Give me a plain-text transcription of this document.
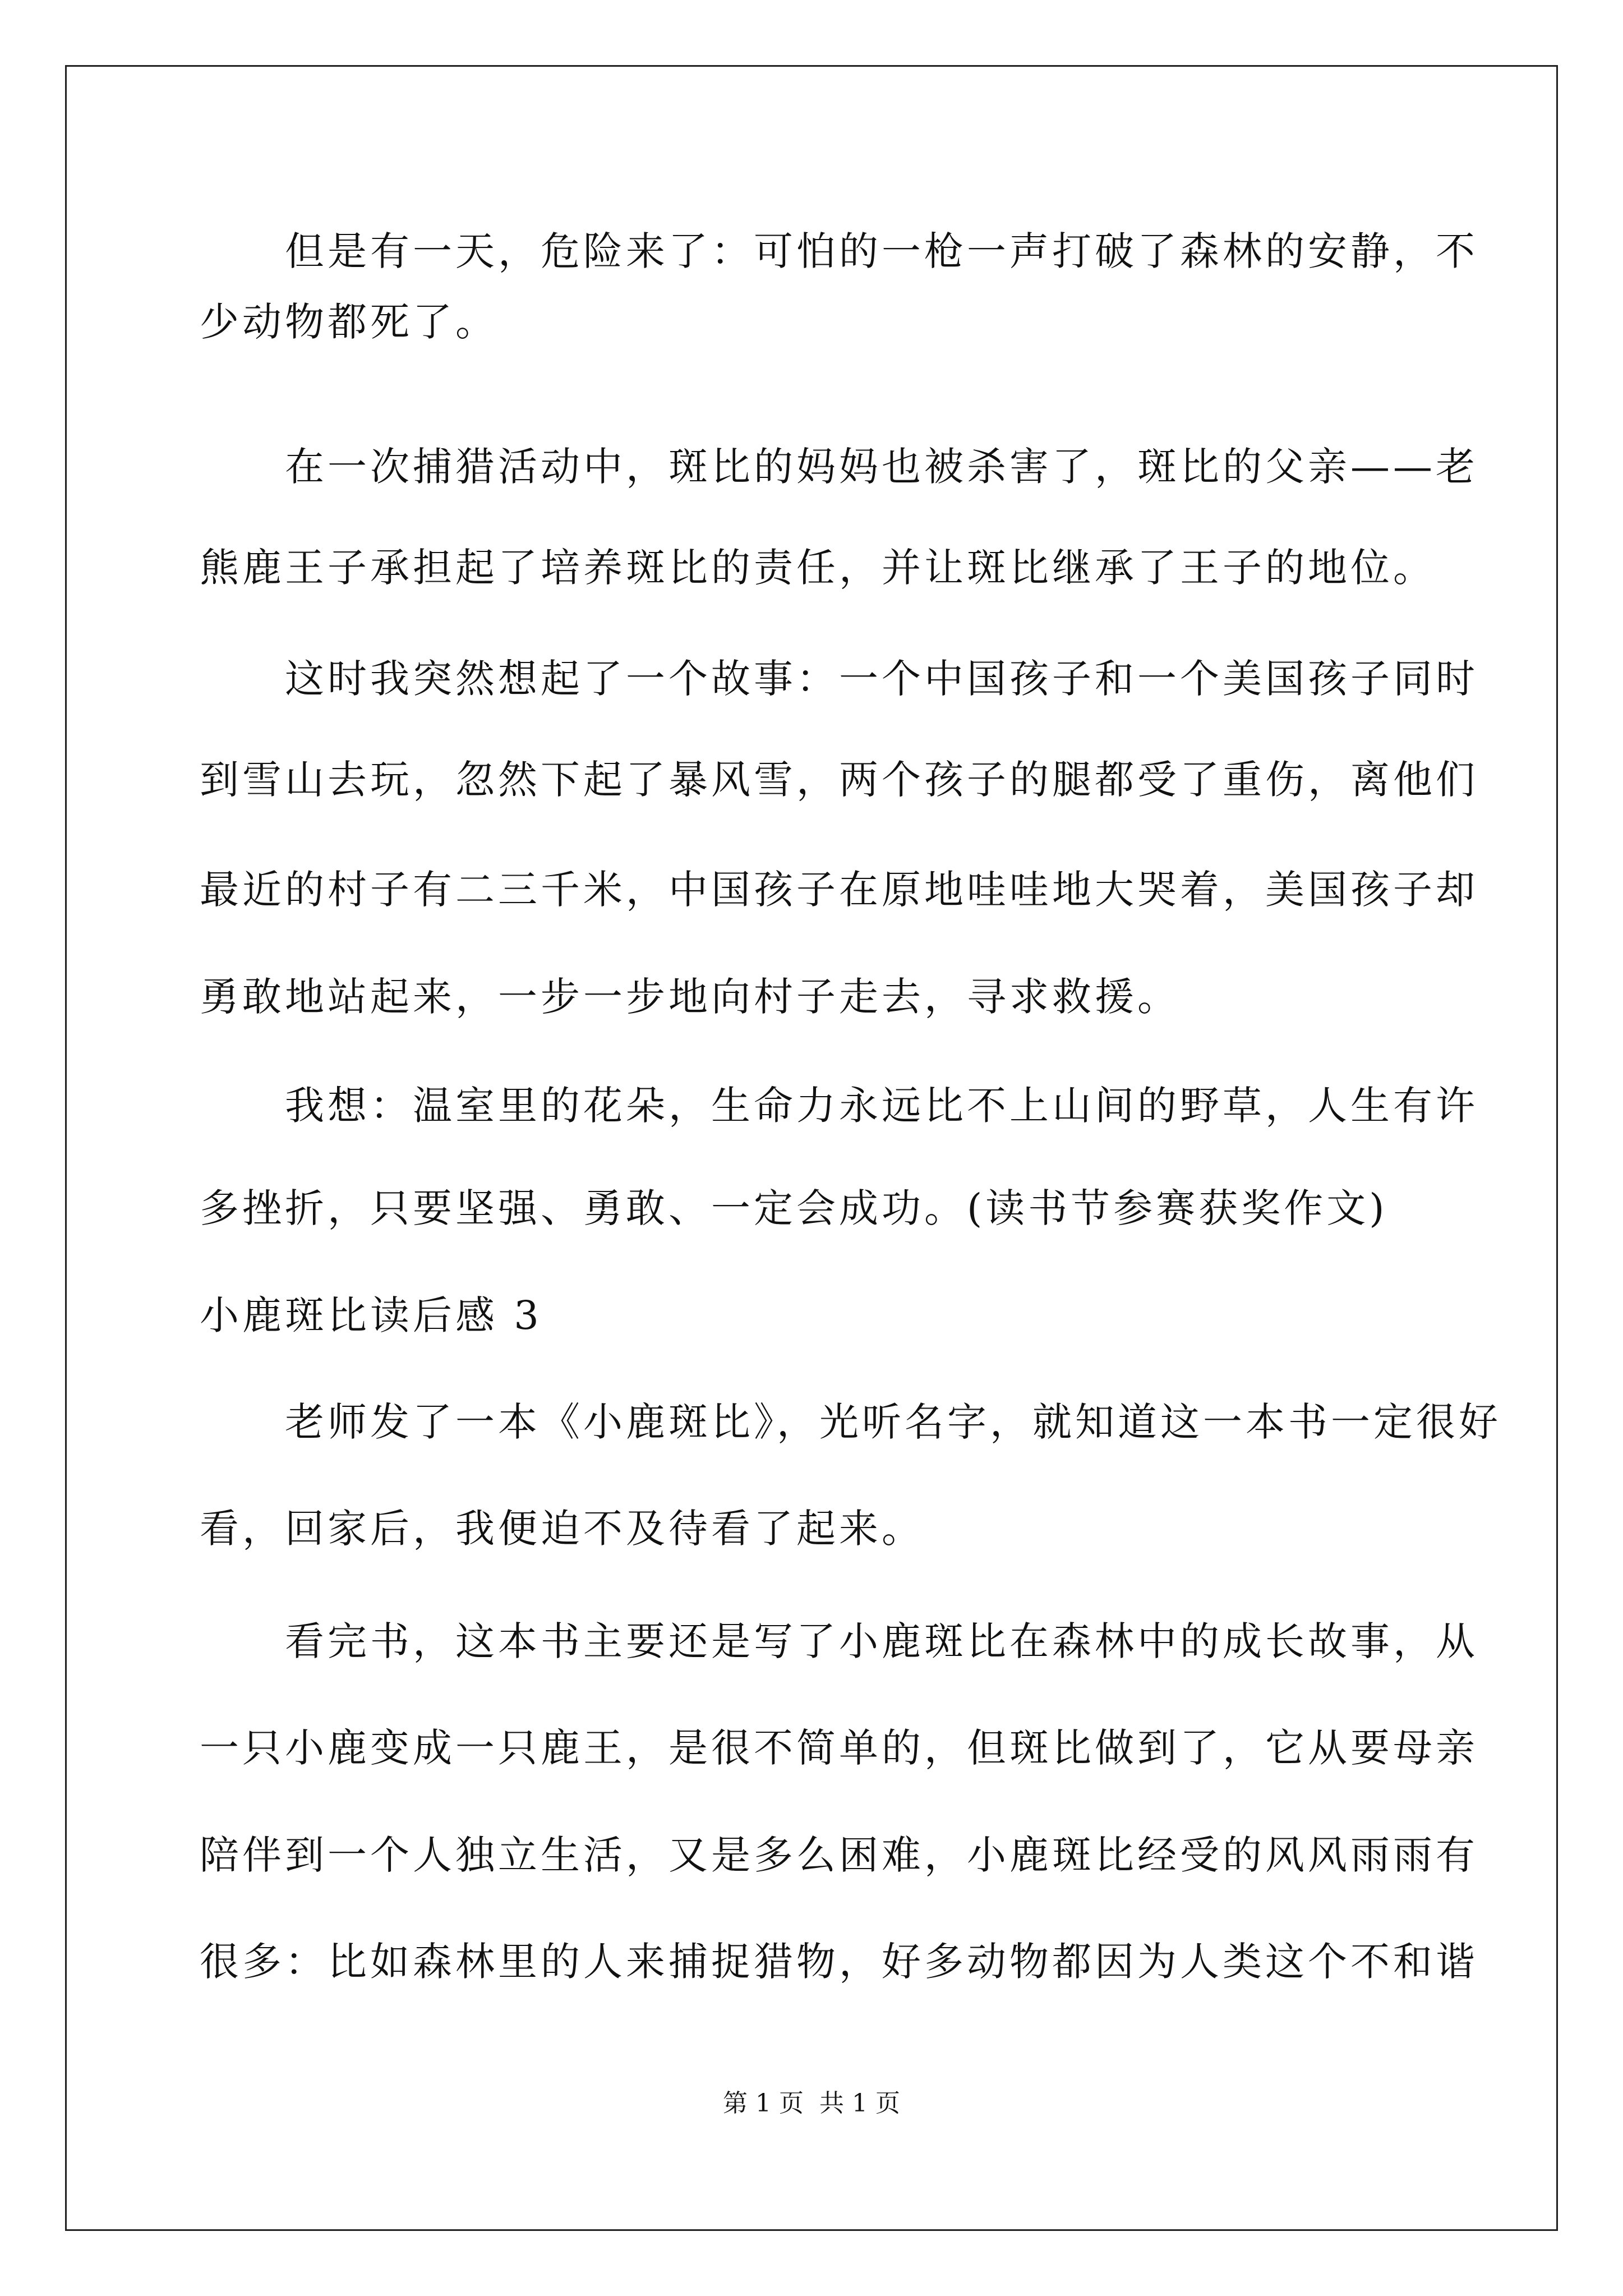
　　但是有一天，危险来了：可怕的一枪一声打破了森林的安静，不
少动物都死了。
　　在一次捕猎活动中，斑比的妈妈也被杀害了，斑比的父亲——老
熊鹿王子承担起了培养斑比的责任，并让斑比继承了王子的地位。
　　这时我突然想起了一个故事：一个中国孩子和一个美国孩子同时
到雪山去玩，忽然下起了暴风雪，两个孩子的腿都受了重伤，离他们
最近的村子有二三千米，中国孩子在原地哇哇地大哭着，美国孩子却
勇敢地站起来，一步一步地向村子走去，寻求救援。
　　我想：温室里的花朵，生命力永远比不上山间的野草，人生有许
多挫折，只要坚强、勇敢、一定会成功。(读书节参赛获奖作文)
小鹿斑比读后感 3
　　老师发了一本《小鹿斑比》，光听名字，就知道这一本书一定很好
看，回家后，我便迫不及待看了起来。
　　看完书，这本书主要还是写了小鹿斑比在森林中的成长故事，从
一只小鹿变成一只鹿王，是很不简单的，但斑比做到了，它从要母亲
陪伴到一个人独立生活，又是多么困难，小鹿斑比经受的风风雨雨有
很多：比如森林里的人来捕捉猎物，好多动物都因为人类这个不和谐
第 1 页 共 1 页
